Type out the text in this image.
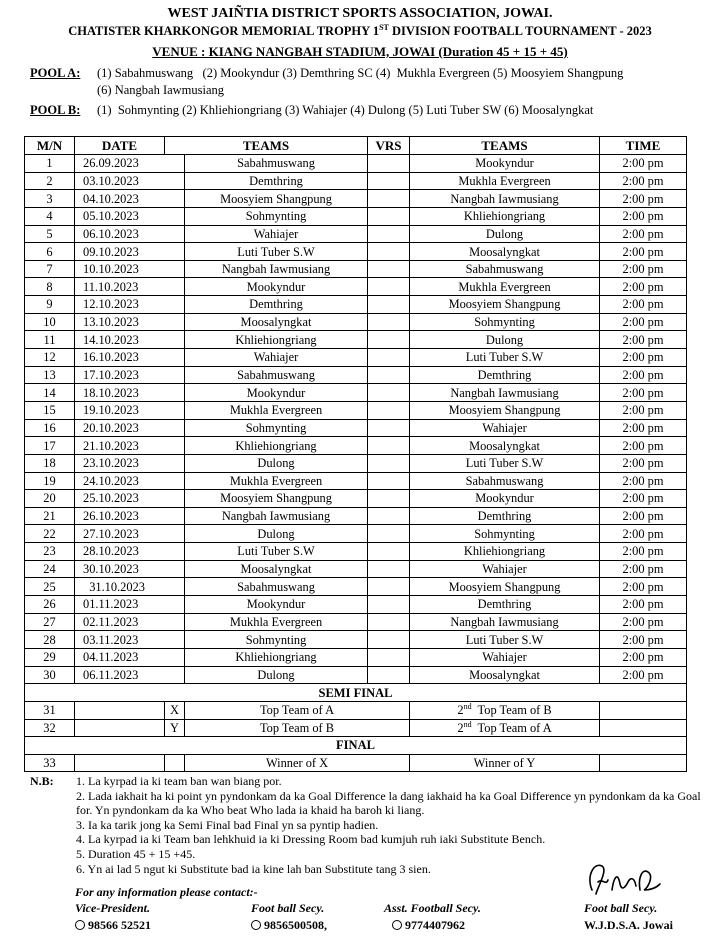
WEST JAIÑTIA DISTRICT SPORTS ASSOCIATION, JOWAI.
CHATISTER KHARKONGOR MEMORIAL TROPHY 1ST DIVISION FOOTBALL TOURNAMENT - 2023
VENUE : KIANG NANGBAH STADIUM, JOWAI (Duration 45 + 15 + 45)
POOL A: (1) Sabahmuswang   (2) Mookyndur (3) Demthring SC (4)  Mukhla Evergreen (5) Moosyiem Shangpung
(6) Nangbah Iawmusiang
POOL B: (1)  Sohmynting (2) Khliehiongriang (3) Wahiajer (4) Dulong (5) Luti Tuber SW (6) Moosalyngkat
M/N	DATE	TEAMS		VRS	TEAMS	TIME
1	26.09.2023		Sabahmuswang		Mookyndur	2:00 pm
2	03.10.2023		Demthring		Mukhla Evergreen	2:00 pm
3	04.10.2023		Moosyiem Shangpung		Nangbah Iawmusiang	2:00 pm
4	05.10.2023		Sohmynting		Khliehiongriang	2:00 pm
5	06.10.2023		Wahiajer		Dulong	2:00 pm
6	09.10.2023		Luti Tuber S.W		Moosalyngkat	2:00 pm
7	10.10.2023		Nangbah Iawmusiang		Sabahmuswang	2:00 pm
8	11.10.2023		Mookyndur		Mukhla Evergreen	2:00 pm
9	12.10.2023		Demthring		Moosyiem Shangpung	2:00 pm
10	13.10.2023		Moosalyngkat		Sohmynting	2:00 pm
11	14.10.2023		Khliehiongriang		Dulong	2:00 pm
12	16.10.2023		Wahiajer		Luti Tuber S.W	2:00 pm
13	17.10.2023		Sabahmuswang		Demthring	2:00 pm
14	18.10.2023		Mookyndur		Nangbah Iawmusiang	2:00 pm
15	19.10.2023		Mukhla Evergreen		Moosyiem Shangpung	2:00 pm
16	20.10.2023		Sohmynting		Wahiajer	2:00 pm
17	21.10.2023		Khliehiongriang		Moosalyngkat	2:00 pm
18	23.10.2023		Dulong		Luti Tuber S.W	2:00 pm
19	24.10.2023		Mukhla Evergreen		Sabahmuswang	2:00 pm
20	25.10.2023		Moosyiem Shangpung		Mookyndur	2:00 pm
21	26.10.2023		Nangbah Iawmusiang		Demthring	2:00 pm
22	27.10.2023		Dulong		Sohmynting	2:00 pm
23	28.10.2023		Luti Tuber S.W		Khliehiongriang	2:00 pm
24	30.10.2023		Moosalyngkat		Wahiajer	2:00 pm
25	31.10.2023		Sabahmuswang		Moosyiem Shangpung	2:00 pm
26	01.11.2023		Mookyndur		Demthring	2:00 pm
27	02.11.2023		Mukhla Evergreen		Nangbah Iawmusiang	2:00 pm
28	03.11.2023		Sohmynting		Luti Tuber S.W	2:00 pm
29	04.11.2023		Khliehiongriang		Wahiajer	2:00 pm
30	06.11.2023		Dulong		Moosalyngkat	2:00 pm
SEMI FINAL						
31		X	Top Team of A		2nd  Top Team of B	
32		Y	Top Team of B		2nd  Top Team of A	
FINAL						
33			Winner of X		Winner of Y	
N.B: 1. La kyrpad ia ki team ban wan biang por.
2. Lada iakhait ha ki point yn pyndonkam da ka Goal Difference la dang iakhaid ha ka Goal Difference yn pyndonkam da ka Goal for. Yn pyndonkam da ka Who beat Who lada ia khaid ha baroh ki liang.
3. Ia ka tarik jong ka Semi Final bad Final yn sa pyntip hadien.
4. La kyrpad ia ki Team ban lehkhuid ia ki Dressing Room bad kumjuh ruh iaki Substitute Bench.
5. Duration 45 + 15 +45.
6. Yn ai lad 5 ngut ki Substitute bad ia kine lah ban Substitute tang 3 sien.
For any information please contact:-
Vice-President.	Foot ball Secy.	Asst. Football Secy.	Foot ball Secy.
98566 52521	9856500508,	9774407962	W.J.D.S.A. Jowai
